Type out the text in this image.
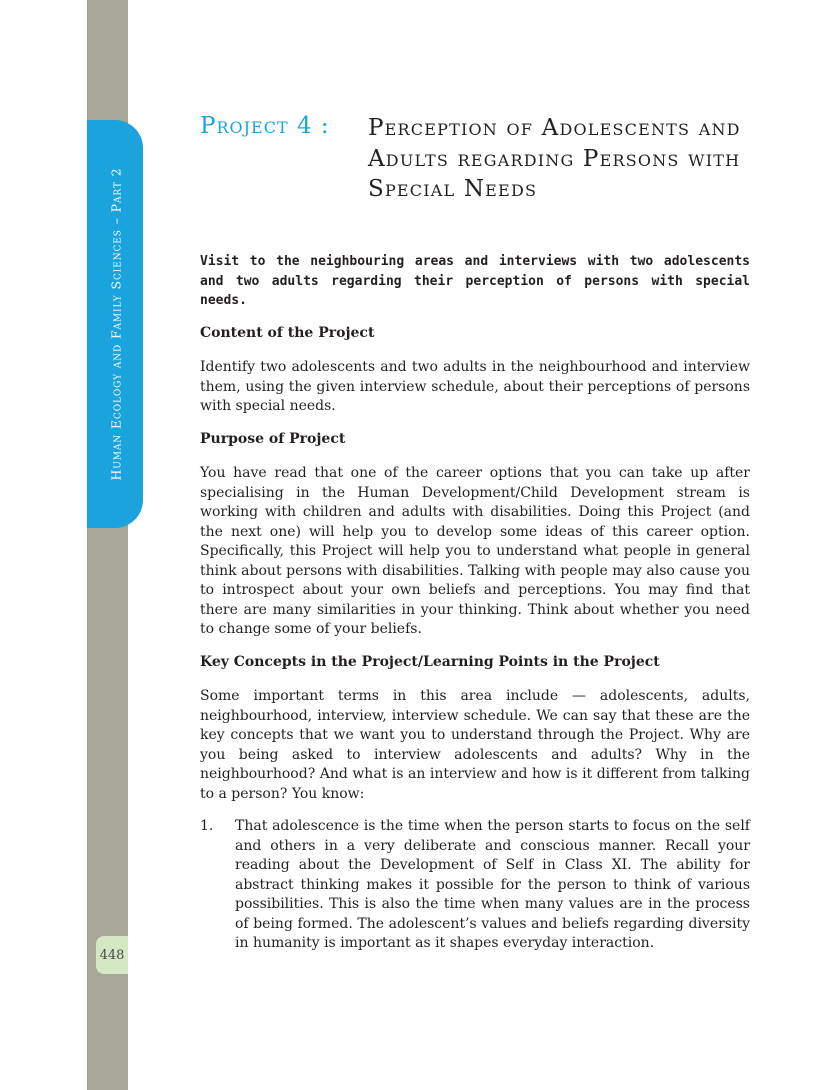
Human Ecology and Family Sciences – Part 2
448
Project 4 : Perception of Adolescents and Adults regarding Persons with Special Needs

Visit to the neighbouring areas and interviews with two adolescents and two adults regarding their perception of persons with special needs.

Content of the Project

Identify two adolescents and two adults in the neighbourhood and interview them, using the given interview schedule, about their perceptions of persons with special needs.

Purpose of Project

You have read that one of the career options that you can take up after specialising in the Human Development/Child Development stream is working with children and adults with disabilities. Doing this Project (and the next one) will help you to develop some ideas of this career option. Specifically, this Project will help you to understand what people in general think about persons with disabilities. Talking with people may also cause you to introspect about your own beliefs and perceptions. You may find that there are many similarities in your thinking. Think about whether you need to change some of your beliefs.

Key Concepts in the Project/Learning Points in the Project

Some important terms in this area include — adolescents, adults, neighbourhood, interview, interview schedule. We can say that these are the key concepts that we want you to understand through the Project. Why are you being asked to interview adolescents and adults? Why in the neighbourhood? And what is an interview and how is it different from talking to a person? You know:

1. That adolescence is the time when the person starts to focus on the self and others in a very deliberate and conscious manner. Recall your reading about the Development of Self in Class XI. The ability for abstract thinking makes it possible for the person to think of various possibilities. This is also the time when many values are in the process of being formed. The adolescent’s values and beliefs regarding diversity in humanity is important as it shapes everyday interaction.
